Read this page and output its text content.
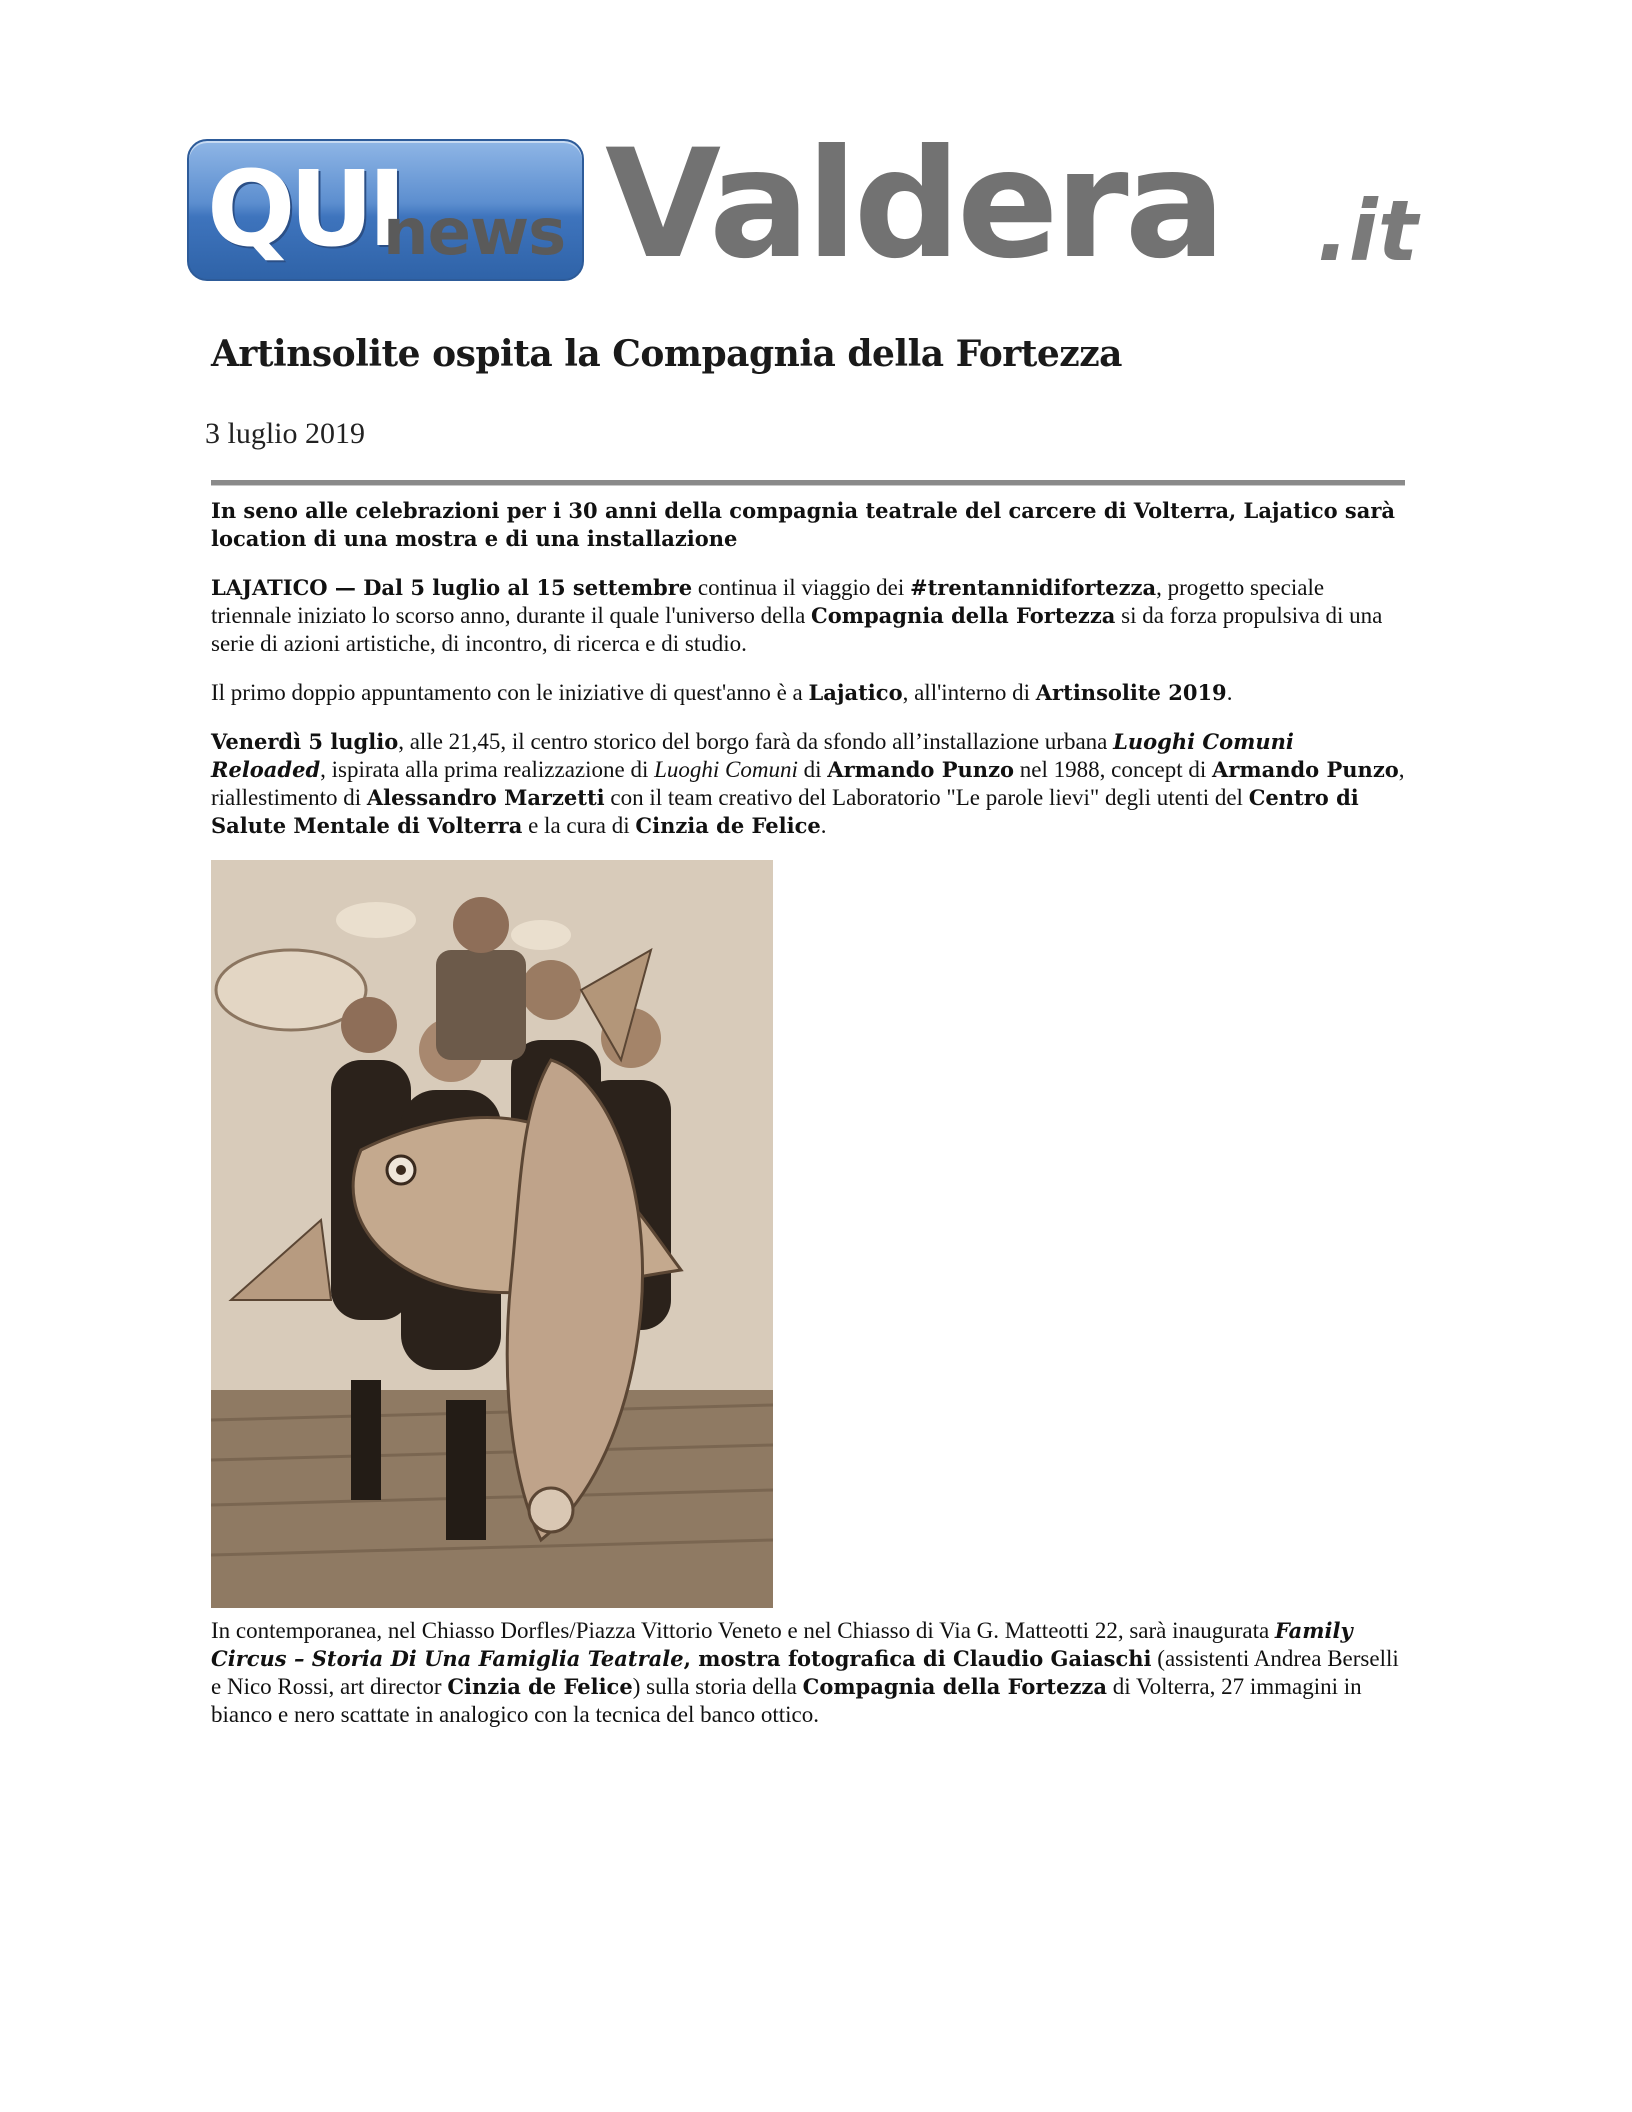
QUI
news Valdera .it
Artinsolite ospita la Compagnia della Fortezza
3 luglio 2019
In seno alle celebrazioni per i 30 anni della compagnia teatrale del carcere di Volterra, Lajatico sarà location di una mostra e di una installazione

LAJATICO — Dal 5 luglio al 15 settembre continua il viaggio dei #trentannidifortezza, progetto speciale triennale iniziato lo scorso anno, durante il quale l'universo della Compagnia della Fortezza si da forza propulsiva di una serie di azioni artistiche, di incontro, di ricerca e di studio.

Il primo doppio appuntamento con le iniziative di quest'anno è a Lajatico, all'interno di Artinsolite 2019.

Venerdì 5 luglio, alle 21,45, il centro storico del borgo farà da sfondo all’installazione urbana Luoghi Comuni Reloaded, ispirata alla prima realizzazione di Luoghi Comuni di Armando Punzo nel 1988, concept di Armando Punzo, riallestimento di Alessandro Marzetti con il team creativo del Laboratorio "Le parole lievi" degli utenti del Centro di Salute Mentale di Volterra e la cura di Cinzia de Felice.

In contemporanea, nel Chiasso Dorfles/Piazza Vittorio Veneto e nel Chiasso di Via G. Matteotti 22, sarà inaugurata Family Circus – Storia Di Una Famiglia Teatrale, mostra fotografica di Claudio Gaiaschi (assistenti Andrea Berselli e Nico Rossi, art director Cinzia de Felice) sulla storia della Compagnia della Fortezza di Volterra, 27 immagini in bianco e nero scattate in analogico con la tecnica del banco ottico.
